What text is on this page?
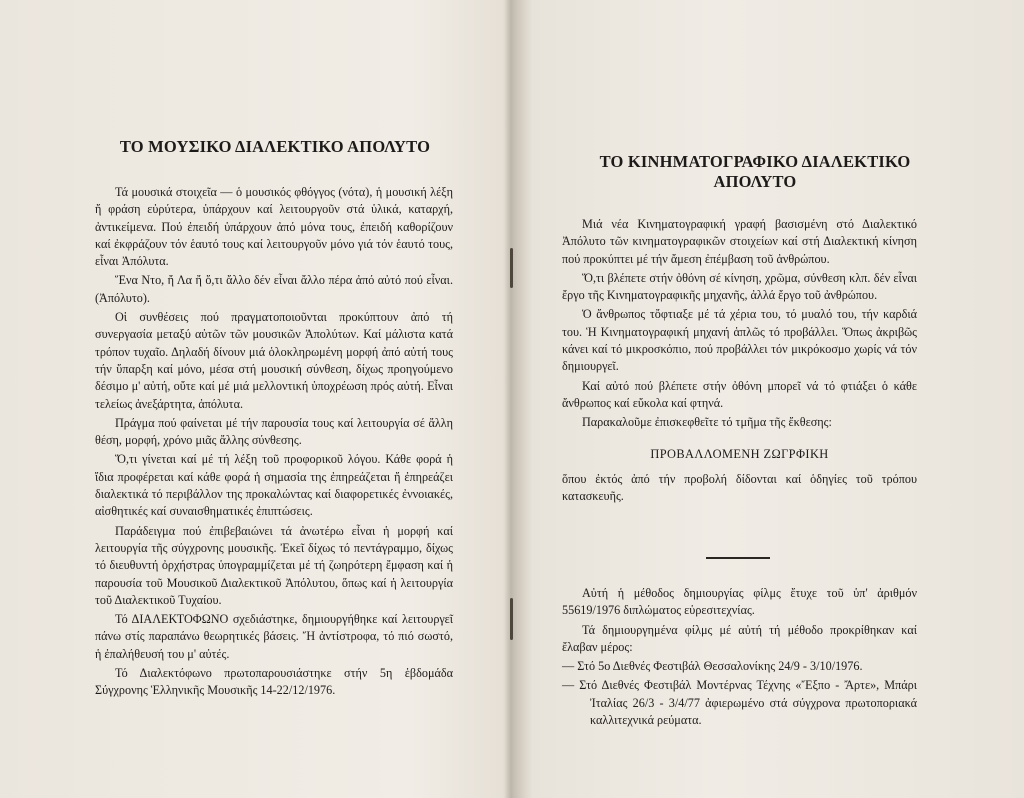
ΤΟ ΜΟΥΣΙΚΟ ΔΙΑΛΕΚΤΙΚΟ ΑΠΟΛΥΤΟ

Τά μουσικά στοιχεῖα — ὁ μουσικός φθόγγος (νότα), ἡ μουσική λέξη ἤ φράση εὐρύτερα, ὑπάρχουν καί λειτουργοῦν στά ὑλικά, καταρχή, ἀντικείμενα. Πού ἐπειδή ὑπάρχουν ἀπό μόνα τους, ἐπειδή καθορίζουν καί ἐκφράζουν τόν ἑαυτό τους καί λειτουργοῦν μόνο γιά τόν ἑαυτό τους, εἶναι Ἀπόλυτα.

Ἕνα Ντο, ἤ Λα ἤ ὅ,τι ἄλλο δέν εἶναι ἄλλο πέρα ἀπό αὐτό πού εἶναι. (Ἀπόλυτο).

Οἱ συνθέσεις πού πραγματοποιοῦνται προκύπτουν ἀπό τή συνεργασία μεταξύ αὐτῶν τῶν μουσικῶν Ἀπολύτων. Καί μάλιστα κατά τρόπον τυχαῖο. Δηλαδή δίνουν μιά ὁλοκληρωμένη μορφή ἀπό αὐτή τους τήν ὕπαρξη καί μόνο, μέσα στή μουσική σύνθεση, δίχως προηγούμενο δέσιμο μ' αὐτή, οὔτε καί μέ μιά μελλοντική ὑποχρέωση πρός αὐτή. Εἶναι τελείως ἀνεξάρτητα, ἀπόλυτα.

Πράγμα πού φαίνεται μέ τήν παρουσία τους καί λειτουργία σέ ἄλλη θέση, μορφή, χρόνο μιᾶς ἄλλης σύνθεσης.

Ὅ,τι γίνεται καί μέ τή λέξη τοῦ προφορικοῦ λόγου. Κάθε φορά ἡ ἴδια προφέρεται καί κάθε φορά ἡ σημασία της ἐπηρεάζεται ἤ ἐπηρεάζει διαλεκτικά τό περιβάλλον της προκαλώντας καί διαφορετικές ἐννοιακές, αἰσθητικές καί συναισθηματικές ἐπιπτώσεις.

Παράδειγμα πού ἐπιβεβαιώνει τά ἀνωτέρω εἶναι ἡ μορφή καί λειτουργία τῆς σύγχρονης μουσικῆς. Ἐκεῖ δίχως τό πεντάγραμμο, δίχως τό διευθυντή ὀρχήστρας ὑπογραμμίζεται μέ τή ζωηρότερη ἔμφαση καί ἡ παρουσία τοῦ Μουσικοῦ Διαλεκτικοῦ Ἀπόλυτου, ὅπως καί ἡ λειτουργία τοῦ Διαλεκτικοῦ Τυχαίου.

Τό ΔΙΑΛΕΚΤΟΦΩΝΟ σχεδιάστηκε, δημιουργήθηκε καί λειτουργεῖ πάνω στίς παραπάνω θεωρητικές βάσεις. Ἤ ἀντίστροφα, τό πιό σωστό, ἡ ἐπαλήθευσή του μ' αὐτές.

Τό Διαλεκτόφωνο πρωτοπαρουσιάστηκε στήν 5η ἑβδομάδα Σύγχρονης Ἑλληνικῆς Μουσικῆς 14-22/12/1976.

ΤΟ ΚΙΝΗΜΑΤΟΓΡΑΦΙΚΟ ΔΙΑΛΕΚΤΙΚΟ ΑΠΟΛΥΤΟ

Μιά νέα Κινηματογραφική γραφή βασισμένη στό Διαλεκτικό Ἀπόλυτο τῶν κινηματογραφικῶν στοιχείων καί στή Διαλεκτική κίνηση πού προκύπτει μέ τήν ἄμεση ἐπέμβαση τοῦ ἀνθρώπου.

Ὅ,τι βλέπετε στήν ὀθόνη σέ κίνηση, χρῶμα, σύνθεση κλπ. δέν εἶναι ἔργο τῆς Κινηματογραφικῆς μηχανῆς, ἀλλά ἔργο τοῦ ἀνθρώπου.

Ὁ ἄνθρωπος τὄφτιαξε μέ τά χέρια του, τό μυαλό του, τήν καρδιά του. Ἡ Κινηματογραφική μηχανή ἁπλῶς τό προβάλλει. Ὅπως ἀκριβῶς κάνει καί τό μικροσκόπιο, πού προβάλλει τόν μικρόκοσμο χωρίς νά τόν δημιουργεῖ.

Καί αὐτό πού βλέπετε στήν ὀθόνη μπορεῖ νά τό φτιάξει ὁ κάθε ἄνθρωπος καί εὔκολα καί φτηνά.

Παρακαλοῦμε ἐπισκεφθεῖτε τό τμῆμα τῆς ἔκθεσης:

ΠΡΟΒΑΛΛΟΜΕΝΗ ΖΩΓΡΦΙΚΗ

ὅπου ἐκτός ἀπό τήν προβολή δίδονται καί ὁδηγίες τοῦ τρόπου κατασκευῆς.

Αὐτή ἡ μέθοδος δημιουργίας φίλμς ἔτυχε τοῦ ὑπ' ἀριθμόν 55619/1976 διπλώματος εὑρεσιτεχνίας.

Τά δημιουργημένα φίλμς μέ αὐτή τή μέθοδο προκρίθηκαν καί ἔλαβαν μέρος:

— Στό 5ο Διεθνές Φεστιβάλ Θεσσαλονίκης 24/9 - 3/10/1976.

— Στό Διεθνές Φεστιβάλ Μοντέρνας Τέχνης «Ἔξπο - Ἄρτε», Μπάρι Ἰταλίας 26/3 - 3/4/77 ἀφιερωμένο στά σύγχρονα πρωτοποριακά καλλιτεχνικά ρεύματα.
